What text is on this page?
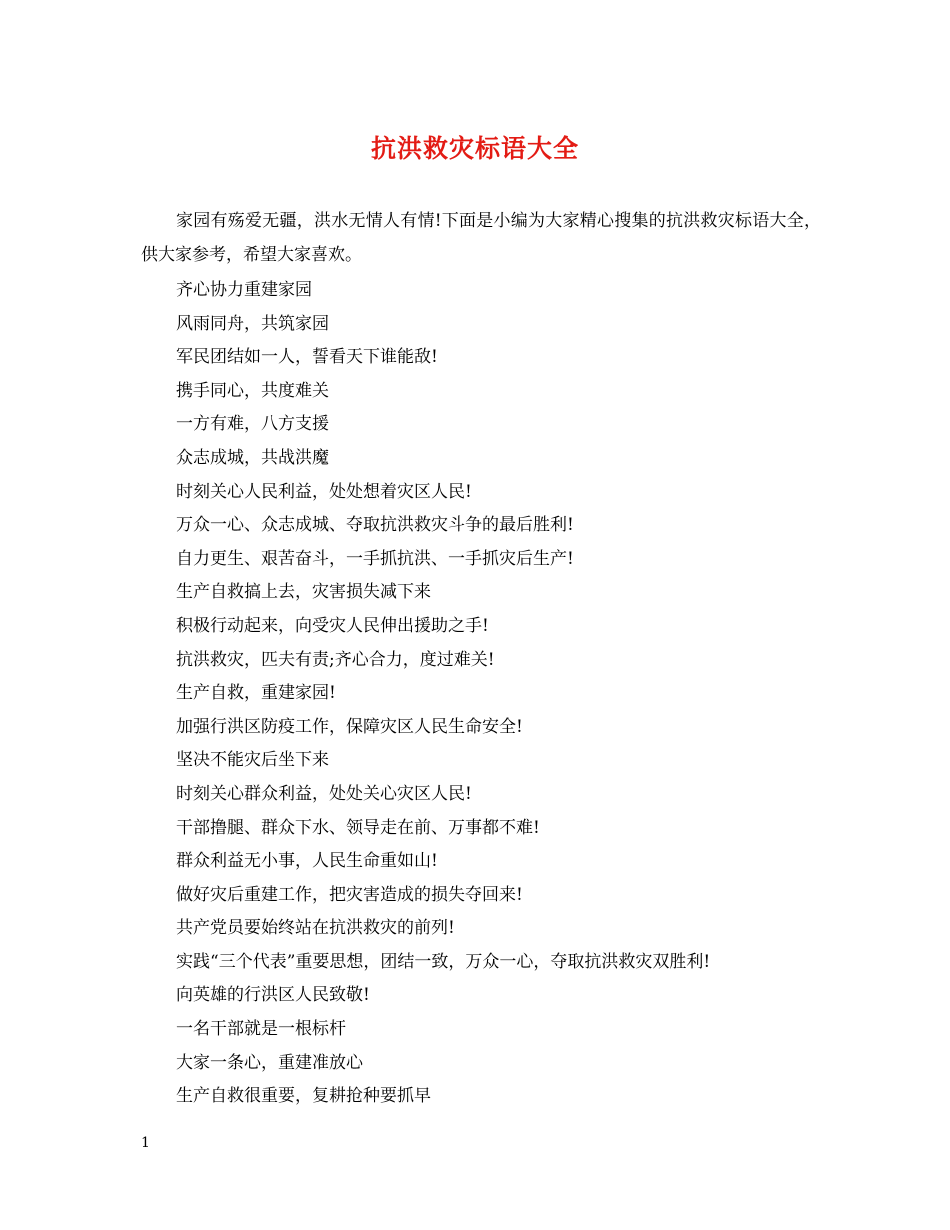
抗洪救灾标语大全
家园有殇爱无疆，洪水无情人有情!下面是小编为大家精心搜集的抗洪救灾标语大全，供大家参考，希望大家喜欢。
齐心协力重建家园
风雨同舟，共筑家园
军民团结如一人，誓看天下谁能敌!
携手同心，共度难关
一方有难，八方支援
众志成城，共战洪魔
时刻关心人民利益，处处想着灾区人民!
万众一心、众志成城、夺取抗洪救灾斗争的最后胜利!
自力更生、艰苦奋斗，一手抓抗洪、一手抓灾后生产!
生产自救搞上去，灾害损失减下来
积极行动起来，向受灾人民伸出援助之手!
抗洪救灾，匹夫有责;齐心合力，度过难关!
生产自救，重建家园!
加强行洪区防疫工作，保障灾区人民生命安全!
坚决不能灾后坐下来
时刻关心群众利益，处处关心灾区人民!
干部撸腿、群众下水、领导走在前、万事都不难!
群众利益无小事，人民生命重如山!
做好灾后重建工作，把灾害造成的损失夺回来!
共产党员要始终站在抗洪救灾的前列!
实践“三个代表”重要思想，团结一致，万众一心，夺取抗洪救灾双胜利!
向英雄的行洪区人民致敬!
一名干部就是一根标杆
大家一条心，重建准放心
生产自救很重要，复耕抢种要抓早
1
